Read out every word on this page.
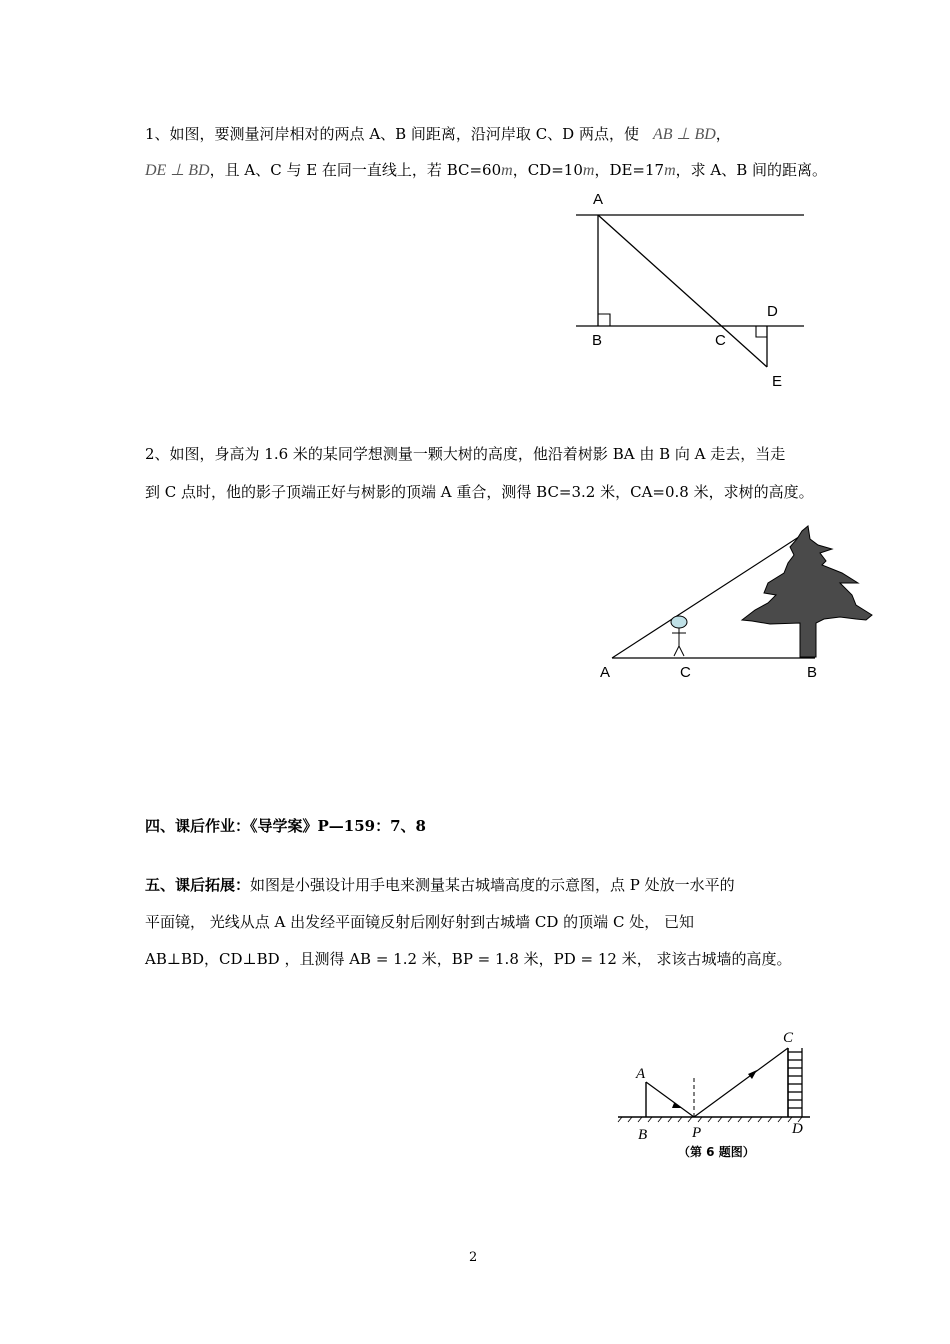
1、如图，要测量河岸相对的两点 A、B 间距离，沿河岸取 C、D 两点，使 AB ⊥ BD，
DE ⊥ BD，且 A、C 与 E 在同一直线上，若 BC=60m，CD=10m，DE=17m，求 A、B 间的距离。
A
B	C
D
E
2、如图，身高为 1.6 米的某同学想测量一颗大树的高度，他沿着树影 BA 由 B 向 A 走去，当走
到 C 点时，他的影子顶端正好与树影的顶端 A 重合，测得 BC=3.2 米，CA=0.8 米，求树的高度。
A	C	B
四、课后作业：《导学案》P—159：7、8
五、课后拓展：如图是小强设计用手电来测量某古城墙高度的示意图，点 P 处放一水平的
平面镜， 光线从点 A 出发经平面镜反射后刚好射到古城墙 CD 的顶端 C 处， 已知
AB⊥BD，CD⊥BD ，且测得 AB = 1.2 米，BP = 1.8 米，PD = 12 米， 求该古城墙的高度。
A
B	P
C
D
（第 6 题图）
2
